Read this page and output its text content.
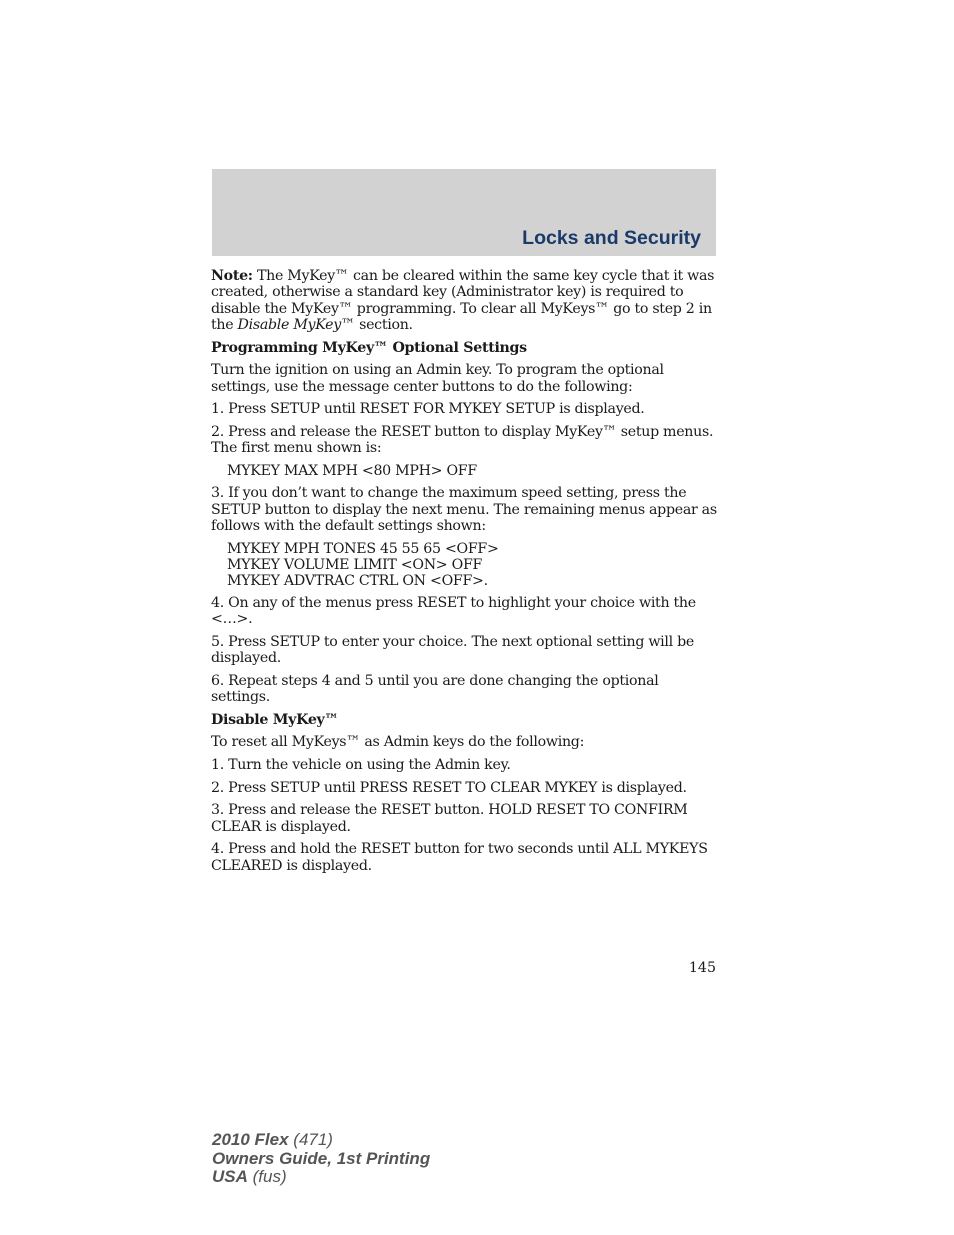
Locks and Security

Note: The MyKey™ can be cleared within the same key cycle that it was created, otherwise a standard key (Administrator key) is required to disable the MyKey™ programming. To clear all MyKeys™ go to step 2 in the Disable MyKey™ section.

Programming MyKey™ Optional Settings

Turn the ignition on using an Admin key. To program the optional settings, use the message center buttons to do the following:

1. Press SETUP until RESET FOR MYKEY SETUP is displayed.

2. Press and release the RESET button to display MyKey™ setup menus. The first menu shown is:

MYKEY MAX MPH <80 MPH> OFF

3. If you don’t want to change the maximum speed setting, press the SETUP button to display the next menu. The remaining menus appear as follows with the default settings shown:

MYKEY MPH TONES 45 55 65 <OFF>
MYKEY VOLUME LIMIT <ON> OFF
MYKEY ADVTRAC CTRL ON <OFF>.

4. On any of the menus press RESET to highlight your choice with the <…>.

5. Press SETUP to enter your choice. The next optional setting will be displayed.

6. Repeat steps 4 and 5 until you are done changing the optional settings.

Disable MyKey™

To reset all MyKeys™ as Admin keys do the following:

1. Turn the vehicle on using the Admin key.

2. Press SETUP until PRESS RESET TO CLEAR MYKEY is displayed.

3. Press and release the RESET button. HOLD RESET TO CONFIRM CLEAR is displayed.

4. Press and hold the RESET button for two seconds until ALL MYKEYS CLEARED is displayed.

145
2010 Flex (471)
Owners Guide, 1st Printing
USA (fus)
